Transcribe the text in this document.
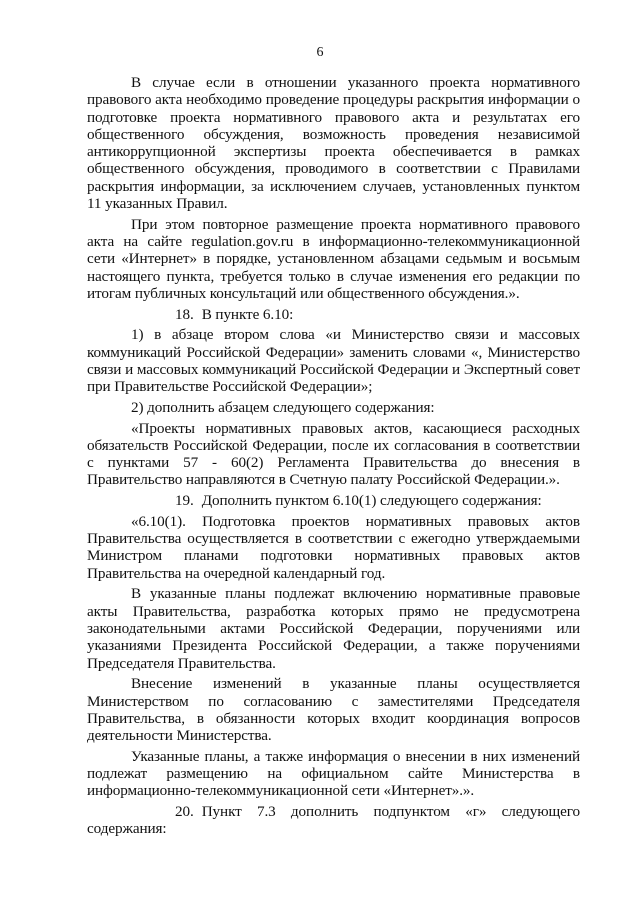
6

В случае если в отношении указанного проекта нормативного правового акта необходимо проведение процедуры раскрытия информации о подготовке проекта нормативного правового акта и результатах его общественного обсуждения, возможность проведения независимой антикоррупционной экспертизы проекта обеспечивается в рамках общественного обсуждения, проводимого в соответствии с Правилами раскрытия информации, за исключением случаев, установленных пунктом 11 указанных Правил.

При этом повторное размещение проекта нормативного правового акта на сайте regulation.gov.ru в информационно-телекоммуникационной сети «Интернет» в порядке, установленном абзацами седьмым и восьмым настоящего пункта, требуется только в случае изменения его редакции по итогам публичных консультаций или общественного обсуждения.».

18. В пункте 6.10:

1) в абзаце втором слова «и Министерство связи и массовых коммуникаций Российской Федерации» заменить словами «, Министерство связи и массовых коммуникаций Российской Федерации и Экспертный совет при Правительстве Российской Федерации»;

2) дополнить абзацем следующего содержания:

«Проекты нормативных правовых актов, касающиеся расходных обязательств Российской Федерации, после их согласования в соответствии с пунктами 57 - 60(2) Регламента Правительства до внесения в Правительство направляются в Счетную палату Российской Федерации.».

19. Дополнить пунктом 6.10(1) следующего содержания:

«6.10(1). Подготовка проектов нормативных правовых актов Правительства осуществляется в соответствии с ежегодно утверждаемыми Министром планами подготовки нормативных правовых актов Правительства на очередной календарный год.

В указанные планы подлежат включению нормативные правовые акты Правительства, разработка которых прямо не предусмотрена законодательными актами Российской Федерации, поручениями или указаниями Президента Российской Федерации, а также поручениями Председателя Правительства.

Внесение изменений в указанные планы осуществляется Министерством по согласованию с заместителями Председателя Правительства, в обязанности которых входит координация вопросов деятельности Министерства.

Указанные планы, а также информация о внесении в них изменений подлежат размещению на официальном сайте Министерства в информационно-телекоммуникационной сети «Интернет».».

20. Пункт 7.3 дополнить подпунктом «г» следующего содержания:
